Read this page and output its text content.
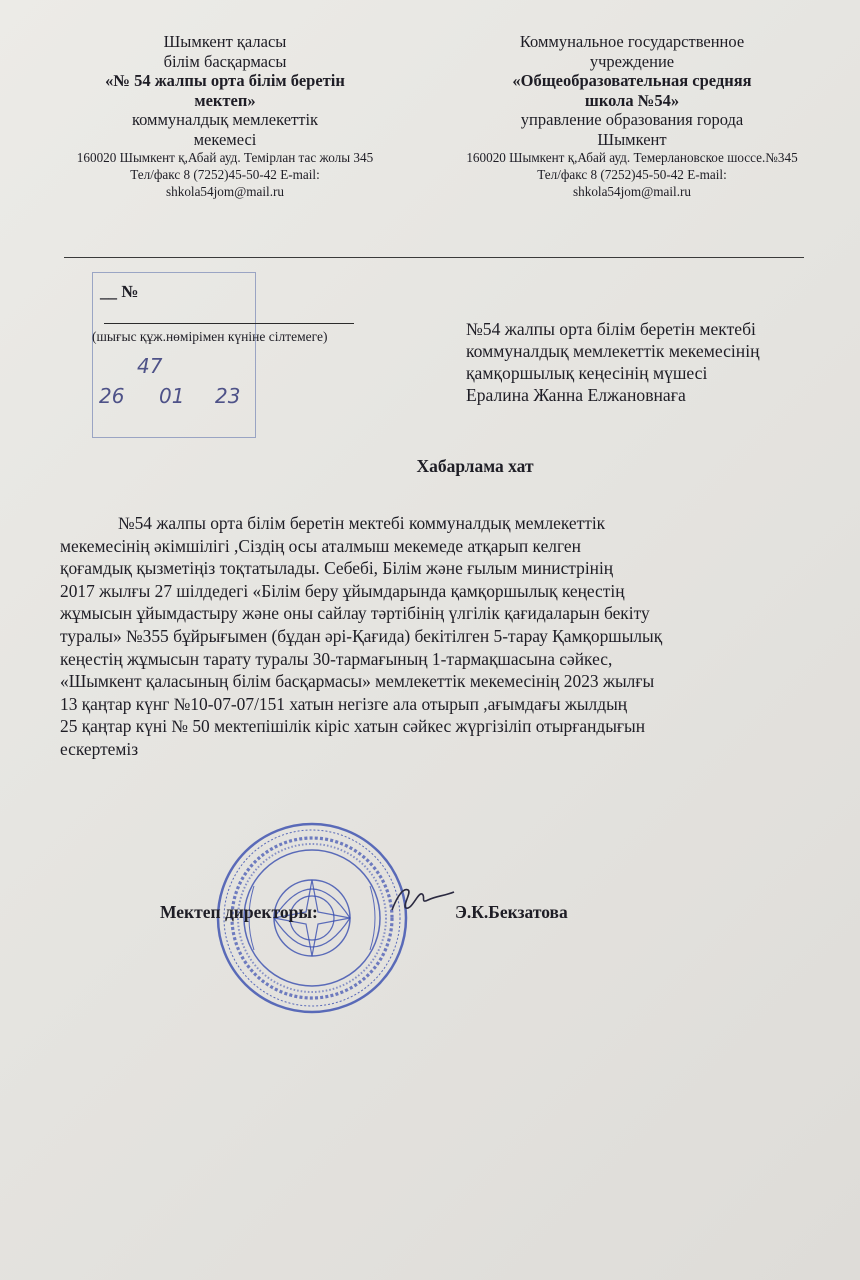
Шымкент қаласы
білім басқармасы
«№ 54 жалпы орта білім беретін
мектеп»
коммуналдық мемлекеттік
мекемесі
160020 Шымкент қ,Абай ауд. Темірлан тас жолы 345
Тел/факс 8 (7252)45-50-42 E-mail:
shkola54jom@mail.ru
Коммунальное государственное
учреждение
«Общеобразовательная средняя
школа №54»
управление образования города
Шымкент
160020 Шымкент қ,Абай ауд. Темерлановское шоссе.№345
Тел/факс 8 (7252)45-50-42 E-mail:
shkola54jom@mail.ru
47
26 01 23
__ №
(шығыс құж.нөмірімен күніне сілтемеге)	№54 жалпы орта білім беретін мектебі
коммуналдық мемлекеттік мекемесінің
қамқоршылық кеңесінің мүшесі
Ералина Жанна Елжановнаға
Хабарлама хат

№54 жалпы орта білім беретін мектебі коммуналдық мемлекеттік

мекемесінің әкімшілігі ,Сіздің осы аталмыш мекемеде атқарып келген

қоғамдық қызметіңіз тоқтатылады. Себебі, Білім және ғылым министрінің

2017 жылғы 27 шілдедегі «Білім беру ұйымдарында қамқоршылық кеңестің

жұмысын ұйымдастыру және оны сайлау тәртібінің үлгілік қағидаларын бекіту

туралы» №355 бұйрығымен (бұдан әрі-Қағида) бекітілген 5-тарау Қамқоршылық

кеңестің жұмысын тарату туралы 30-тармағының 1-тармақшасына сәйкес,

«Шымкент қаласының білім басқармасы» мемлекеттік мекемесінің 2023 жылғы

13 қаңтар күнг №10-07-07/151 хатын негізге ала отырып ,ағымдағы жылдың

25 қаңтар күні № 50 мектепішілік кіріс хатын сәйкес жүргізіліп отырғандығын

ескертеміз

Мектеп директоры:	Э.К.Бекзатова
